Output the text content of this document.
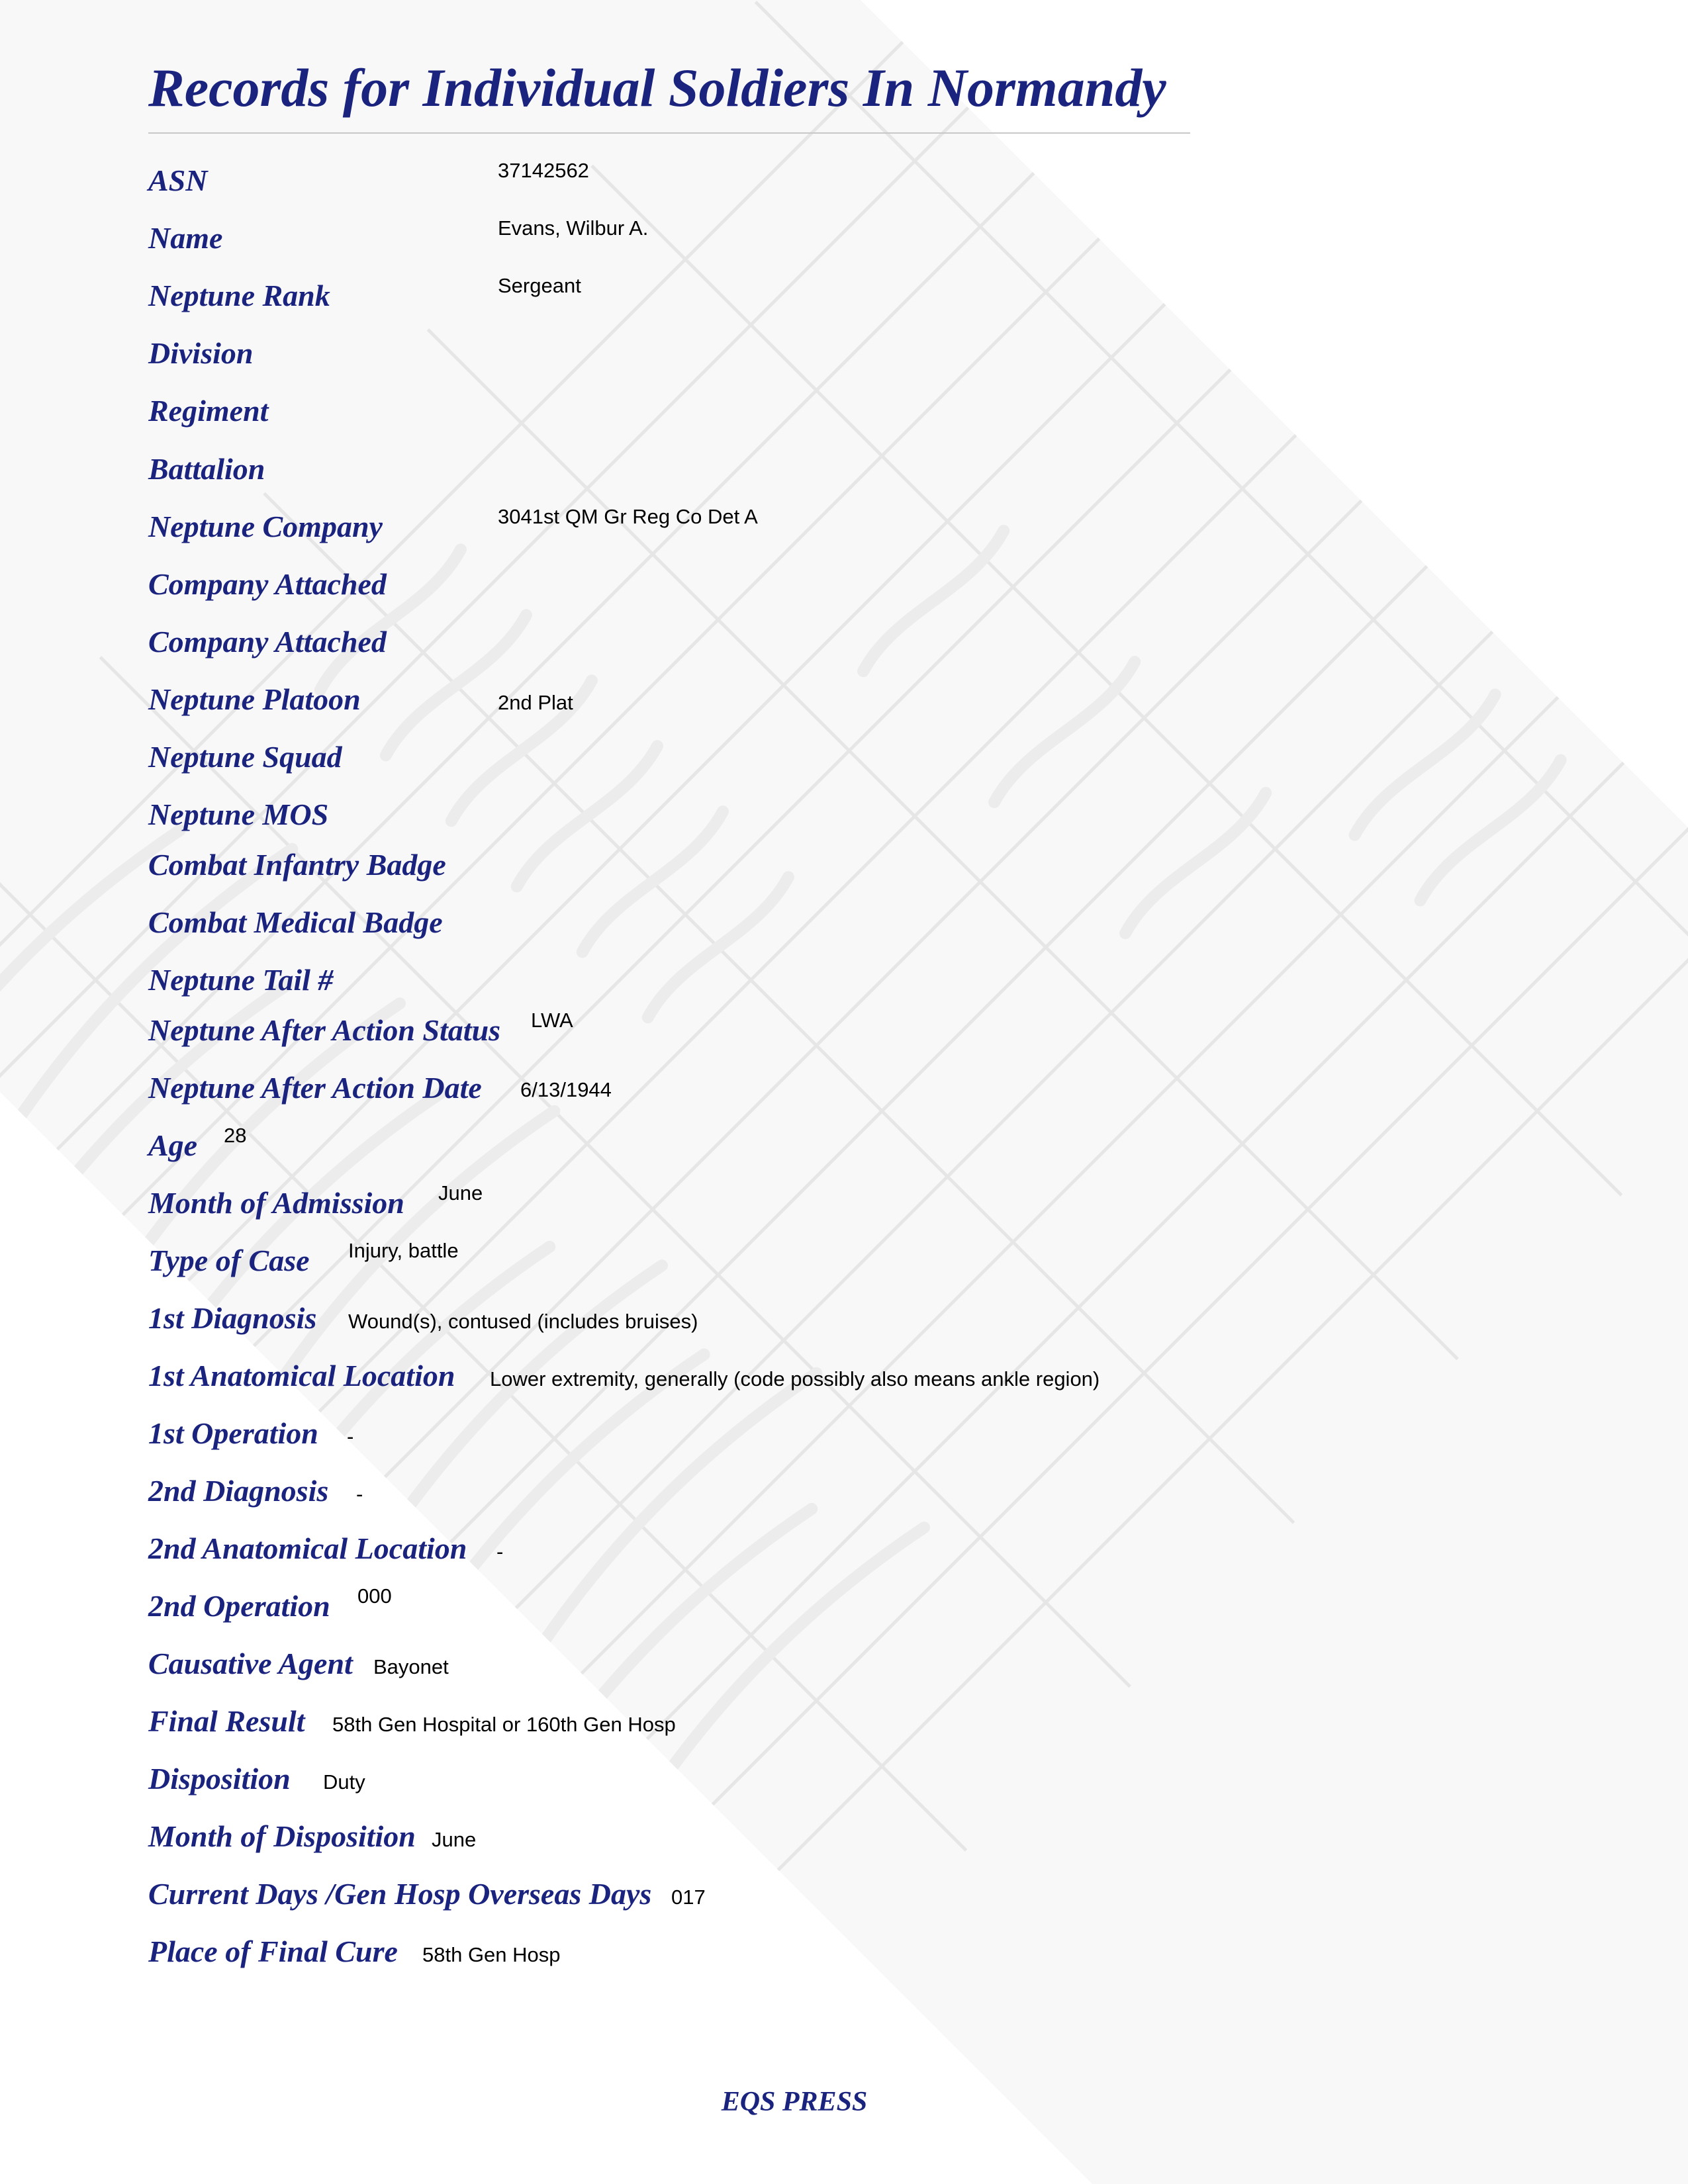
Records for Individual Soldiers In Normandy
ASN	37142562
Name	Evans, Wilbur A.
Neptune Rank	Sergeant
Division
Regiment
Battalion
Neptune Company	3041st QM Gr Reg Co Det A
Company Attached
Company Attached
Neptune Platoon	2nd Plat
Neptune Squad
Neptune MOS
Combat Infantry Badge
Combat Medical Badge
Neptune Tail #
Neptune After Action Status LWA
Neptune After Action Date 6/13/1944
Age 28
Month of Admission June
Type of Case Injury, battle
1st Diagnosis Wound(s), contused (includes bruises)
1st Anatomical Location Lower extremity, generally (code possibly also means ankle region)
1st Operation -
2nd Diagnosis -
2nd Anatomical Location -
2nd Operation 000
Causative Agent Bayonet
Final Result 58th Gen Hospital or 160th Gen Hosp
Disposition Duty
Month of Disposition June
Current Days /Gen Hosp Overseas Days 017
Place of Final Cure 58th Gen Hosp
EQS PRESS
